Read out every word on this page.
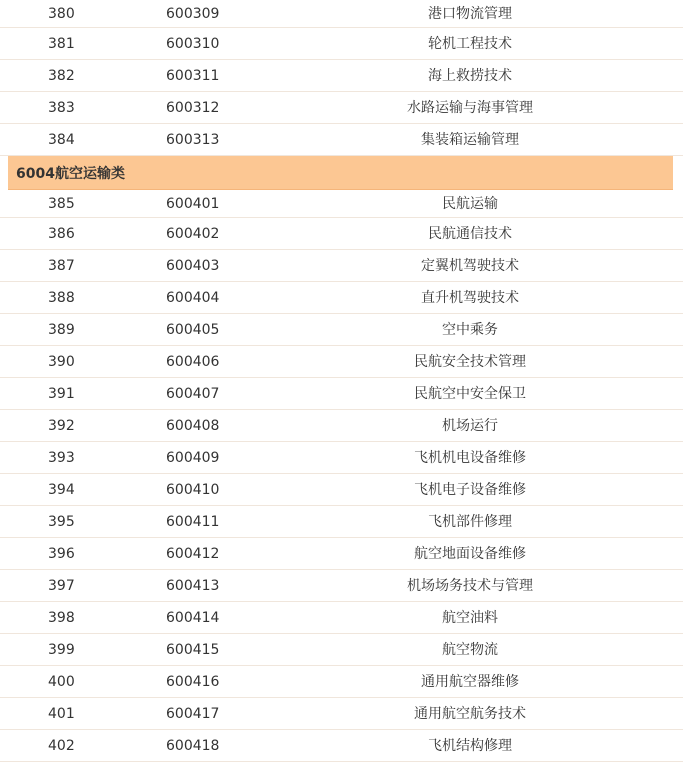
380	600309	港口物流管理
381	600310	轮机工程技术
382	600311	海上救捞技术
383	600312	水路运输与海事管理
384	600313	集装箱运输管理
6004航空运输类
385	600401	民航运输
386	600402	民航通信技术
387	600403	定翼机驾驶技术
388	600404	直升机驾驶技术
389	600405	空中乘务
390	600406	民航安全技术管理
391	600407	民航空中安全保卫
392	600408	机场运行
393	600409	飞机机电设备维修
394	600410	飞机电子设备维修
395	600411	飞机部件修理
396	600412	航空地面设备维修
397	600413	机场场务技术与管理
398	600414	航空油料
399	600415	航空物流
400	600416	通用航空器维修
401	600417	通用航空航务技术
402	600418	飞机结构修理
